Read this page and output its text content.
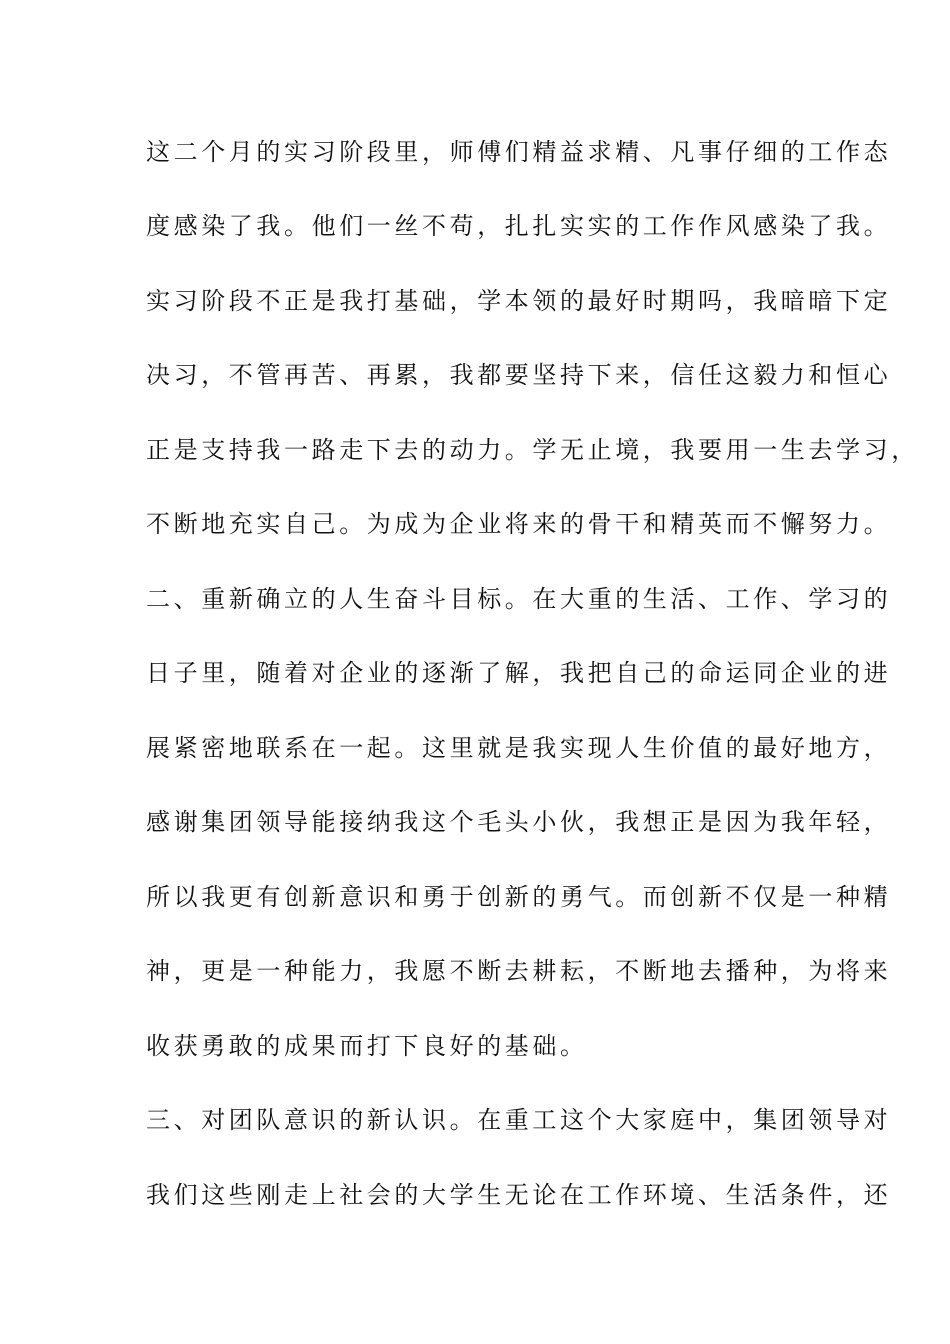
这二个月的实习阶段里，师傅们精益求精、凡事仔细的工作态
度感染了我。他们一丝不苟，扎扎实实的工作作风感染了我。
实习阶段不正是我打基础，学本领的最好时期吗，我暗暗下定
决习，不管再苦、再累，我都要坚持下来，信任这毅力和恒心
正是支持我一路走下去的动力。学无止境，我要用一生去学习，
不断地充实自己。为成为企业将来的骨干和精英而不懈努力。
二、重新确立的人生奋斗目标。在大重的生活、工作、学习的
日子里，随着对企业的逐渐了解，我把自己的命运同企业的进
展紧密地联系在一起。这里就是我实现人生价值的最好地方，
感谢集团领导能接纳我这个毛头小伙，我想正是因为我年轻，
所以我更有创新意识和勇于创新的勇气。而创新不仅是一种精
神，更是一种能力，我愿不断去耕耘，不断地去播种，为将来
收获勇敢的成果而打下良好的基础。
三、对团队意识的新认识。在重工这个大家庭中，集团领导对
我们这些刚走上社会的大学生无论在工作环境、生活条件，还
